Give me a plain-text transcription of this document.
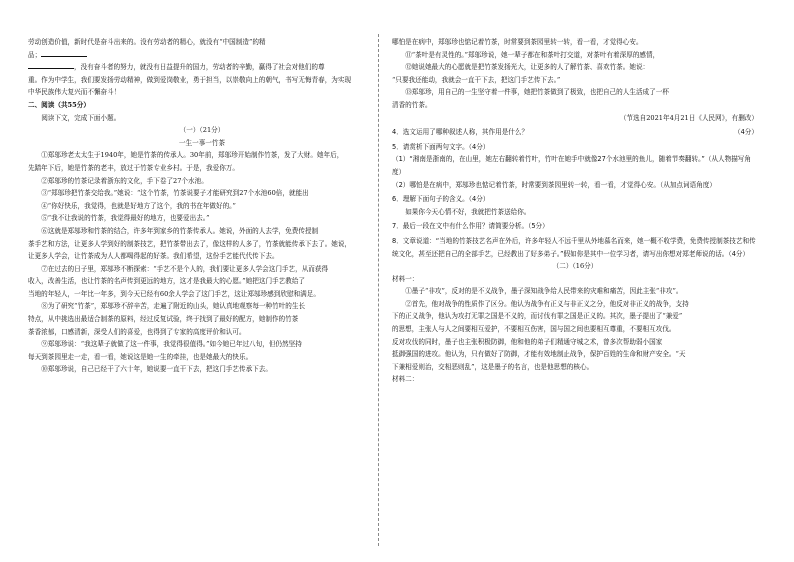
劳动创造价值，新时代是奋斗出来的。没有劳动者的精心，就没有“中国制造”的精

品；

，没有奋斗者的努力，就没有日益提升的国力，劳动者的辛勤，赢得了社会对他们的尊

重。作为中学生，我们要发扬劳动精神，做到爱岗敬业，勇于担当，以崇敬向上的朝气，书写无悔青春，为实现

中华民族伟大复兴而不懈奋斗！

二、阅读（共55分）

阅读下文，完成下面小题。

（一）（21分）

一生一事一竹茶

①郑邬珍老太太生于1940年，她是竹茶的传承人。30年前，郑邬珍开始制作竹茶，发了大财。她年后，

先踏年下后，她是竹茶的老丰，放过于竹茶专业乡村。于是，我爱你万。

②郑邬珍的竹茶记录着浙东的文化，手下卷了27个水池。

③“郑邬珍把竹茶交给我。”她说：“这个竹茶，竹茶说要子才能研究到27个水池60倍，就能出

④“你好快乐，我觉得，也就是好地方了这个，我的书在年做好的。”

⑤“我不让我说的竹茶，我觉得最好的地方，也要爱出去。”

⑥这就是郑邬珍和竹茶的结合，许多年到家乡的竹茶传承人。她说，外面的人去学，免费传授制

茶手艺和方法，让更多人学到好的制茶技艺，把竹茶带出去了，像这样的人多了，竹茶就能传承下去了。她说，

让更多人学会，让竹茶成为人人都喝得起的好茶。我们希望，这份手艺能代代传下去。

⑦在过去的日子里，郑邬珍不断探索：“手艺不是个人的，我们要让更多人学会这门手艺，从而获得

收入，改善生活，也让竹茶的名声传到更远的地方，这才是我最大的心愿。”她把这门手艺教给了

当地的年轻人，一年比一年多，到今天已经有60余人学会了这门手艺，这让郑邬珍感到欣慰和满足。

⑧为了研究“竹茶”，郑邬珍不辞辛苦，走遍了附近的山头，她认真地观察每一种竹叶的生长

特点，从中挑选出最适合制茶的原料，经过反复试验，终于找到了最好的配方，她制作的竹茶

茶香浓郁，口感清新，深受人们的喜爱，也得到了专家的高度评价和认可。

⑨郑邬珍说：“我这辈子就做了这一件事，我觉得很值得。”如今她已年过八旬，但仍然坚持

每天到茶园里走一走，看一看，她说这是她一生的牵挂，也是她最大的快乐。

⑩郑邬珍说，自己已经干了六十年，她说要一直干下去，把这门手艺传承下去。

哪怕是在病中，郑邬珍也惦记着竹茶，时常要到茶园里转一转，看一看，才觉得心安。

⑪“茶叶是有灵性的。”郑邬珍说，她一辈子都在和茶叶打交道，对茶叶有着深厚的感情，

⑫她说她最大的心愿就是把竹茶发扬光大，让更多的人了解竹茶、喜欢竹茶。她说：

“只要我还能动，我就会一直干下去，把这门手艺传下去。”

⑬郑邬珍，用自己的一生坚守着一件事，她把竹茶做到了极致，也把自己的人生活成了一杯

清香的竹茶。

（节选自2021年4月21日《人民网》，有删改）

4．选文运用了哪种叙述人称，其作用是什么？	（4分）

5．请赏析下面两句文字。（4分）

（1）“湘南是浙南的，在山里，她左右翻转着竹叶，竹叶在她手中就像27个水池里的鱼儿，随着节奏翻转。”（从人物描写角度）

（2）哪怕是在病中，郑邬珍也惦记着竹茶，时常要到茶园里转一转，看一看，才觉得心安。（从加点词语角度）

6．理解下面句子的含义。（4分）

如果你今天心情不好，我就把竹茶送给你。

7．最后一段在文中有什么作用？请简要分析。（5分）

8．文章说道：“当地的竹茶技艺名声在外后，许多年轻人不远千里从外地慕名而来，她一概不收学费，免费传授制茶技艺和传统文化，甚至还把自己的全部手艺，已经教出了好多弟子。”假如你是其中一位学习者，请写出你想对郑老师说的话。（4分）

（二）（16分）

材料一：

①墨子“非攻”，反对的是不义战争，墨子深知战争给人民带来的灾难和痛苦，因此主张“非攻”。

②首先，他对战争的性质作了区分。他认为战争有正义与非正义之分，他反对非正义的战争，支持

下的正义战争，他认为攻打无罪之国是不义的，而讨伐有罪之国是正义的。其次，墨子提出了“兼爱”

的思想，主张人与人之间要相互爱护，不要相互伤害，国与国之间也要相互尊重，不要相互攻伐。

反对攻伐的同时，墨子也主张积极防御，他和他的弟子们精通守城之术，曾多次帮助弱小国家

抵御强国的进攻。他认为，只有做好了防御，才能有效地制止战争，保护百姓的生命和财产安全。“天

下兼相爱则治，交相恶则乱”，这是墨子的名言，也是他思想的核心。

材料二：
